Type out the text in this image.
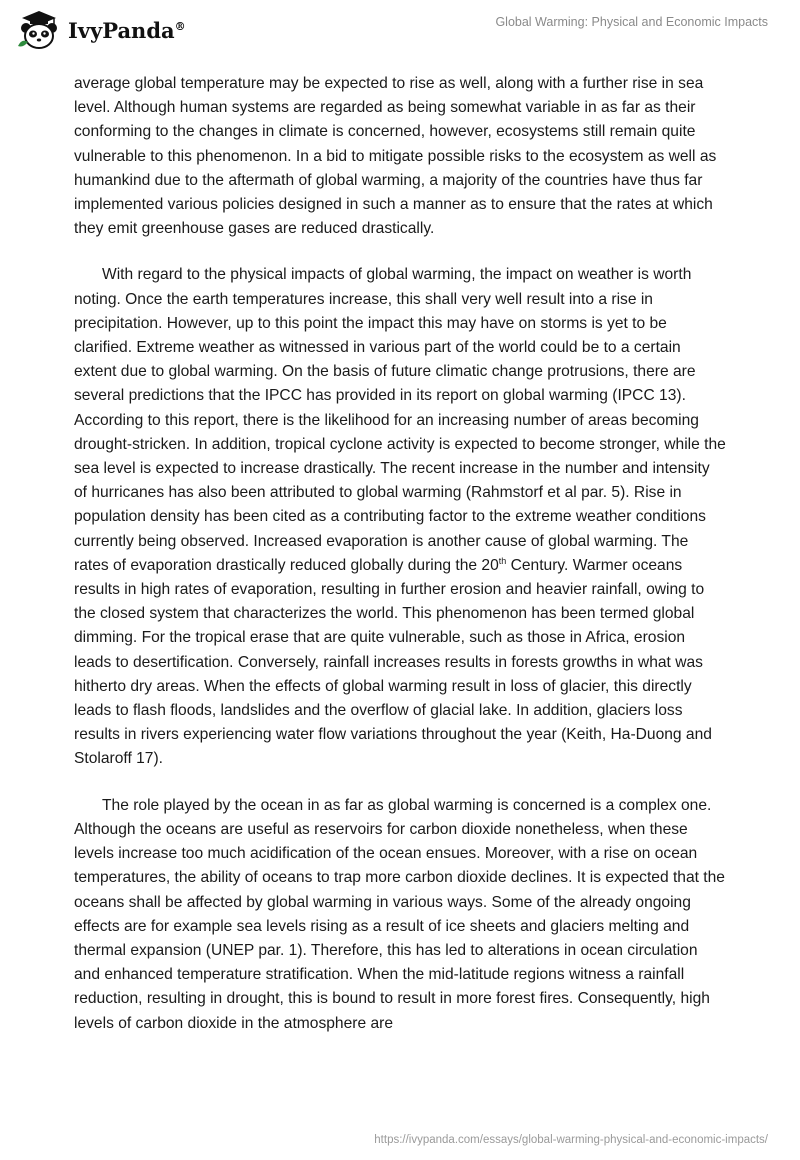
IvyPanda®	Global Warming: Physical and Economic Impacts

average global temperature may be expected to rise as well, along with a further rise in sea level. Although human systems are regarded as being somewhat variable in as far as their conforming to the changes in climate is concerned, however, ecosystems still remain quite vulnerable to this phenomenon. In a bid to mitigate possible risks to the ecosystem as well as humankind due to the aftermath of global warming, a majority of the countries have thus far implemented various policies designed in such a manner as to ensure that the rates at which they emit greenhouse gases are reduced drastically.

With regard to the physical impacts of global warming, the impact on weather is worth noting. Once the earth temperatures increase, this shall very well result into a rise in precipitation. However, up to this point the impact this may have on storms is yet to be clarified. Extreme weather as witnessed in various part of the world could be to a certain extent due to global warming. On the basis of future climatic change protrusions, there are several predictions that the IPCC has provided in its report on global warming (IPCC 13). According to this report, there is the likelihood for an increasing number of areas becoming drought-stricken. In addition, tropical cyclone activity is expected to become stronger, while the sea level is expected to increase drastically. The recent increase in the number and intensity of hurricanes has also been attributed to global warming (Rahmstorf et al par. 5). Rise in population density has been cited as a contributing factor to the extreme weather conditions currently being observed. Increased evaporation is another cause of global warming. The rates of evaporation drastically reduced globally during the 20th Century. Warmer oceans results in high rates of evaporation, resulting in further erosion and heavier rainfall, owing to the closed system that characterizes the world. This phenomenon has been termed global dimming. For the tropical erase that are quite vulnerable, such as those in Africa, erosion leads to desertification. Conversely, rainfall increases results in forests growths in what was hitherto dry areas. When the effects of global warming result in loss of glacier, this directly leads to flash floods, landslides and the overflow of glacial lake. In addition, glaciers loss results in rivers experiencing water flow variations throughout the year (Keith, Ha-Duong and Stolaroff 17).

The role played by the ocean in as far as global warming is concerned is a complex one. Although the oceans are useful as reservoirs for carbon dioxide nonetheless, when these levels increase too much acidification of the ocean ensues. Moreover, with a rise on ocean temperatures, the ability of oceans to trap more carbon dioxide declines. It is expected that the oceans shall be affected by global warming in various ways. Some of the already ongoing effects are for example sea levels rising as a result of ice sheets and glaciers melting and thermal expansion (UNEP par. 1). Therefore, this has led to alterations in ocean circulation and enhanced temperature stratification. When the mid-latitude regions witness a rainfall reduction, resulting in drought, this is bound to result in more forest fires. Consequently, high levels of carbon dioxide in the atmosphere are

https://ivypanda.com/essays/global-warming-physical-and-economic-impacts/
